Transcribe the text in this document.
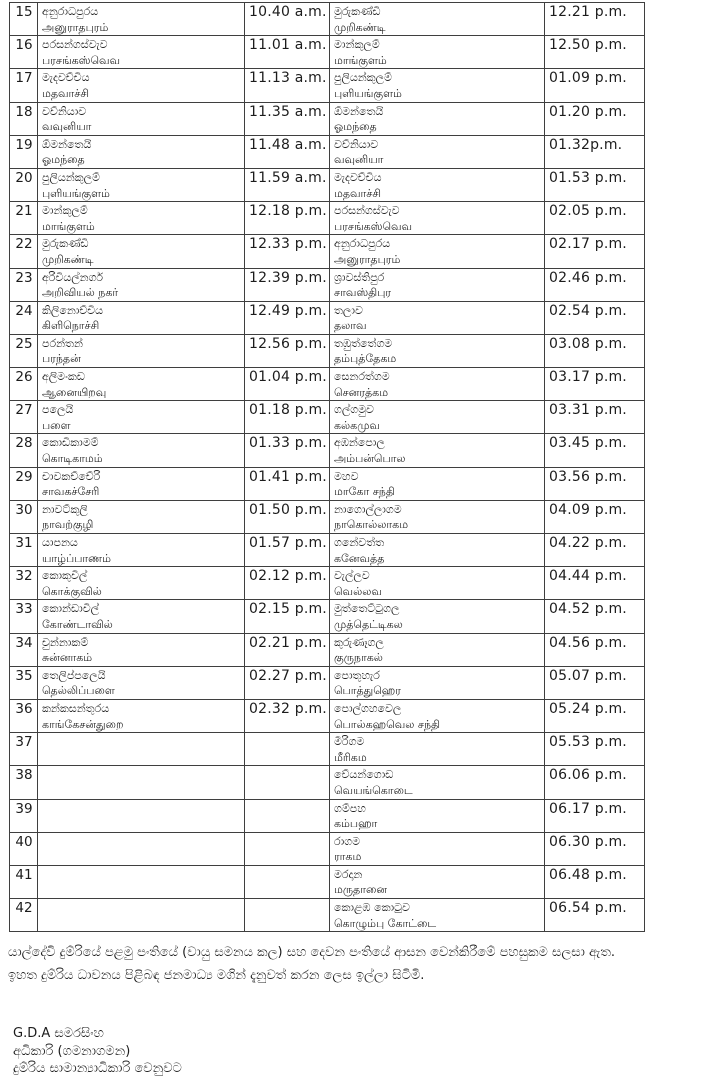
15	අනුරාධපුරය
அனுராதபுரம்
	10.40 a.m.	මුරුකණ්ඩි
முறிகண்டி
	12.21 p.m.
16	පරසන්ගස්වැව
பரசங்கஸ்வெவ
	11.01 a.m.	මාන්කුලම්
மாங்குளம்
	12.50 p.m.
17	මැදවච්චිය
மதவாச்சி
	11.13 a.m.	පුලියන්කුලම්
புளியங்குளம்
	01.09 p.m.
18	වව්නියාව
வவுனியா
	11.35 a.m.	ඕමන්තෙයි
ஓமந்தை
	01.20 p.m.
19	ඕමන්තෙයි
ஓமந்தை
	11.48 a.m.	වව්නියාව
வவுனியா
	01.32p.m.
20	පුලියන්කුලම්
புளியங்குளம்
	11.59 a.m.	මැදවච්චිය
மதவாச்சி
	01.53 p.m.
21	මාන්කුලම්
மாங்குளம்
	12.18 p.m.	පරසන්ගස්වැව
பரசங்கஸ்வெவ
	02.05 p.m.
22	මුරුකණ්ඩි
முறிகண்டி
	12.33 p.m.	අනුරාධපුරය
அனுராதபுரம்
	02.17 p.m.
23	අරිවියල්නගර්
அறிவியல் நகர்
	12.39 p.m.	ශ්‍රාවස්තිපුර
சாவஸ்திபுர
	02.46 p.m.
24	කිලිනොච්චිය
கிளிநொச்சி
	12.49 p.m.	තලාව
தலாவ
	02.54 p.m.
25	පරන්තන්
பரந்தன்
	12.56 p.m.	තඹුත්තේගම
தம்புத்தேகம
	03.08 p.m.
26	අලිමංකඩ
ஆனையிறவு
	01.04 p.m.	සෙනරත්ගම
செனரத்கம
	03.17 p.m.
27	පලෙයි
பளை
	01.18 p.m.	ගල්ගමුව
கல்கமுவ
	03.31 p.m.
28	කොඩිකාමම්
கொடிகாமம்
	01.33 p.m.	අඹන්පොල
அம்பன்பொல
	03.45 p.m.
29	චාවකච්චේරි
சாவகச்சேரி
	01.41 p.m.	මහව
மாகோ சந்தி
	03.56 p.m.
30	නාවට්කුලි
நாவற்குழி
	01.50 p.m.	නාගොල්ලාගම
நாகொல்லாகம
	04.09 p.m.
31	යාපනය
யாழ்ப்பாணம்
	01.57 p.m.	ගනේවත්ත
கனேவத்த
	04.22 p.m.
32	කොකුවිල්
கொக்குவில்
	02.12 p.m.	වැල්ලව
வெல்லவ
	04.44 p.m.
33	කොන්ඩාවිල්
கோண்டாவில்
	02.15 p.m.	මුත්තෙට්ටුගල
முத்தெட்டிகல
	04.52 p.m.
34	චුන්නාකම්
சுன்னாகம்
	02.21 p.m.	කුරුණෑගල
குருநாகல்
	04.56 p.m.
35	තෙලිප්පලෙයි
தெல்லிப்பளை
	02.27 p.m.	පොතුහැර
பொத்துஹெர
	05.07 p.m.
36	කන්කසන්තුරය
காங்கேசன்துறை
	02.32 p.m.	පොල්ගහවෙල
பொல்கஹவெல சந்தி
	05.24 p.m.
37			මීරිගම
மீரிகம	05.53 p.m.
38			වේයන්ගොඩ
வெயங்கொடை	06.06 p.m.
39			ගම්පහ
கம்பஹா	06.17 p.m.
40			රාගම
ராகம	06.30 p.m.
41			මරදාන
மருதானை	06.48 p.m.
42			කොළඹ කොටුව
கொழும்பு கோட்டை	06.54 p.m.

යාල්දේවි දුම්රියේ පළමු පංතියේ (වායු සමනය කල) සහ දෙවන පංතියේ ආසන වෙන්කිරීමේ පහසුකම සලසා ඇත.

ඉහත දුම්රිය ධාවනය පිළිබඳ ජනමාධ්‍ය මගින් දැනුවත් කරන ලෙස ඉල්ලා සිටිමි.

G.D.A සමරසිංහ

අධිකාරි (ගමනාගමන)

දුම්රිය සාමාන්‍යාධිකාරි වෙනුවට
